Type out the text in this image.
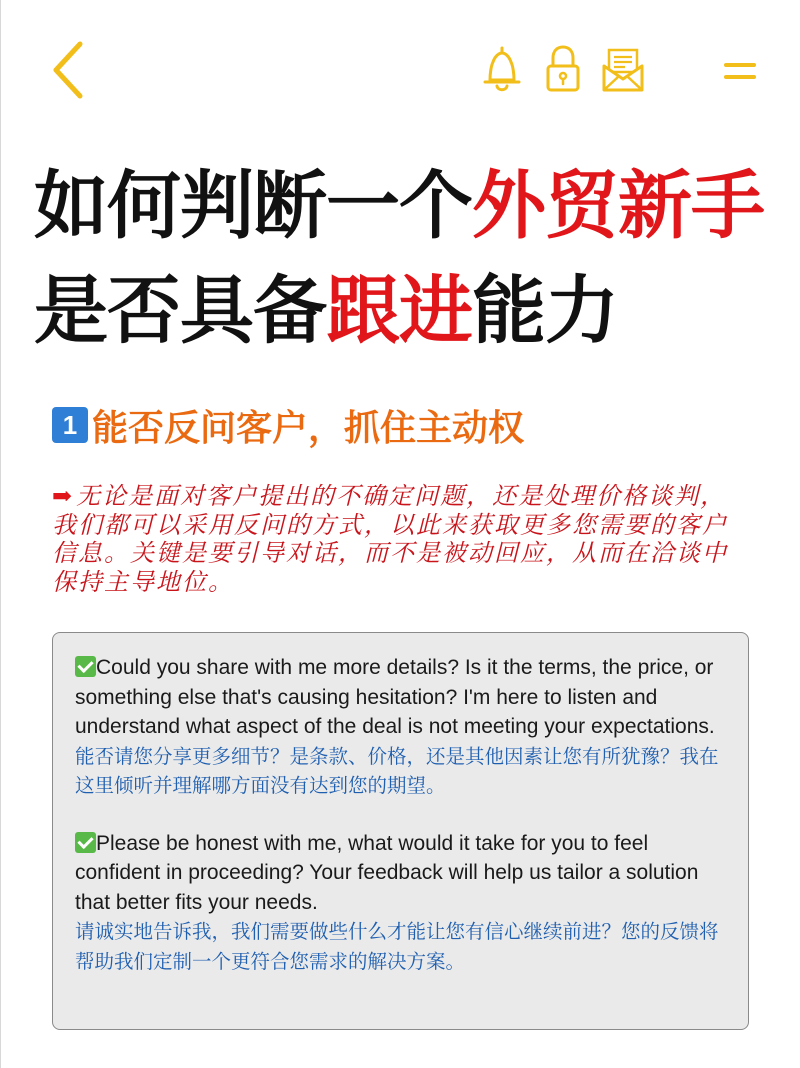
如何判断一个外贸新手
是否具备跟进能力
1 能否反问客户，抓住主动权
➡无论是面对客户提出的不确定问题，还是处理价格谈判，我们都可以采用反问的方式，以此来获取更多您需要的客户信息。关键是要引导对话，而不是被动回应，从而在洽谈中保持主导地位。
Could you share with me more details? Is it the terms, the price, or something else that's causing hesitation? I'm here to listen and understand what aspect of the deal is not meeting your expectations.
能否请您分享更多细节？是条款、价格，还是其他因素让您有所犹豫？我在这里倾听并理解哪方面没有达到您的期望。
Please be honest with me, what would it take for you to feel confident in proceeding? Your feedback will help us tailor a solution that better fits your needs.
请诚实地告诉我，我们需要做些什么才能让您有信心继续前进？您的反馈将帮助我们定制一个更符合您需求的解决方案。
